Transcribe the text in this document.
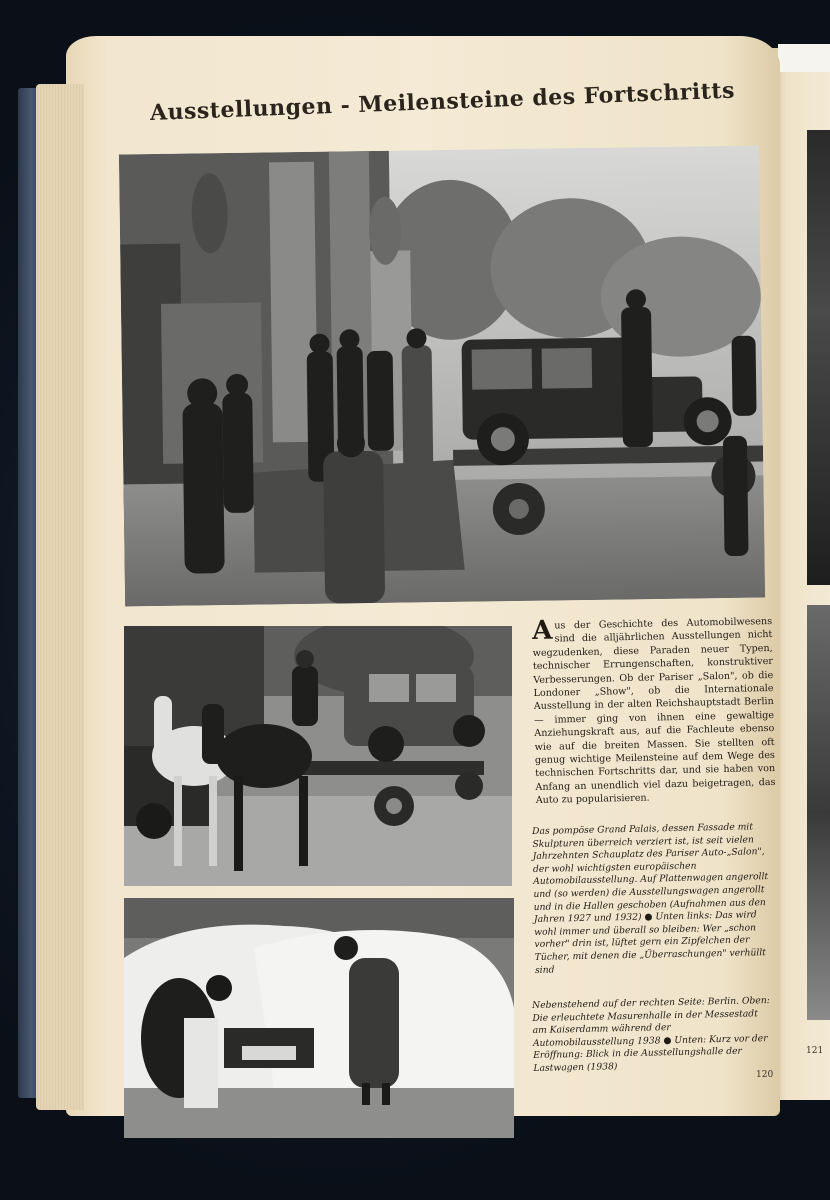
121
Ausstellungen - Meilensteine des Fortschritts
A us der Geschichte des Automobilwesens sind die alljährlichen Ausstellungen nicht wegzudenken, diese Paraden neuer Typen, technischer Errungenschaften, konstruktiver Verbesserungen. Ob der Pariser „Salon", ob die Londoner „Show", ob die Internationale Ausstellung in der alten Reichshauptstadt Berlin — immer ging von ihnen eine gewaltige Anziehungskraft aus, auf die Fachleute ebenso wie auf die breiten Massen. Sie stellten oft genug wichtige Meilensteine auf dem Wege des technischen Fortschritts dar, und sie haben von Anfang an unendlich viel dazu beigetragen, das Auto zu popularisieren.
Das pompöse Grand Palais, dessen Fassade mit Skulpturen überreich verziert ist, ist seit vielen Jahrzehnten Schauplatz des Pariser Auto-„Salon", der wohl wichtigsten europäischen Automobilausstellung. Auf Plattenwagen angerollt und (so werden) die Ausstellungswagen angerollt und in die Hallen geschoben (Aufnahmen aus den Jahren 1927 und 1932) ● Unten links: Das wird wohl immer und überall so bleiben: Wer „schon vorher" drin ist, lüftet gern ein Zipfelchen der Tücher, mit denen die „Überraschungen" verhüllt sind
Nebenstehend auf der rechten Seite: Berlin. Oben: Die erleuchtete Masurenhalle in der Messestadt am Kaiserdamm während der Automobilausstellung 1938 ● Unten: Kurz vor der Eröffnung: Blick in die Ausstellungshalle der Lastwagen (1938)
120
